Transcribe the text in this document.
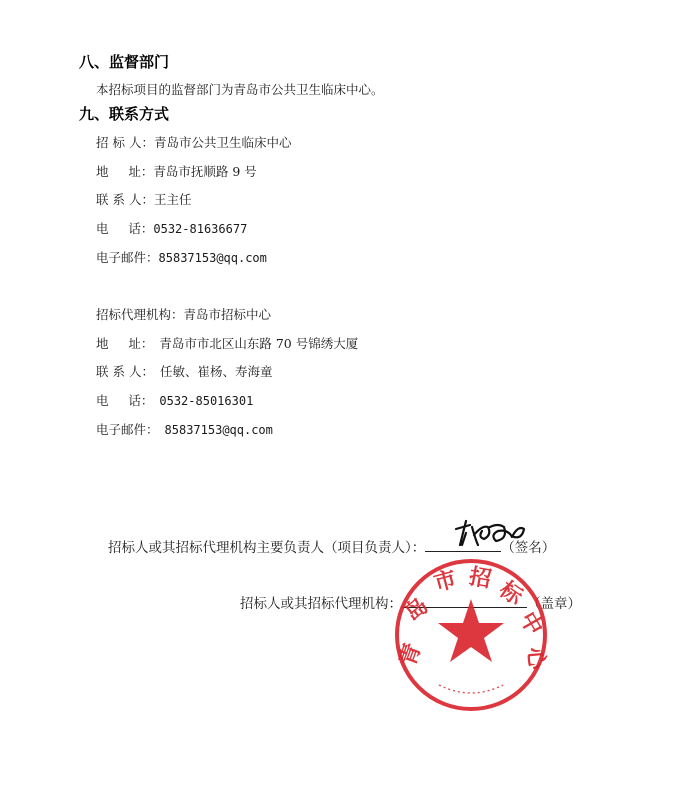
八、监督部门
本招标项目的监督部门为青岛市公共卫生临床中心。
九、联系方式
招 标 人：青岛市公共卫生临床中心
地     址：青岛市抚顺路 9 号
联 系 人：王主任
电     话：0532-81636677
电子邮件：85837153@qq.com
招标代理机构：青岛市招标中心
地     址： 青岛市市北区山东路 70 号锦绣大厦
联 系 人： 任敏、崔杨、寿海童
电     话： 0532-85016301
电子邮件： 85837153@qq.com
招标人或其招标代理机构主要负责人（项目负责人）：	（签名）
招标人或其招标代理机构：	（盖章）
青
岛
市 招 标
中
心
